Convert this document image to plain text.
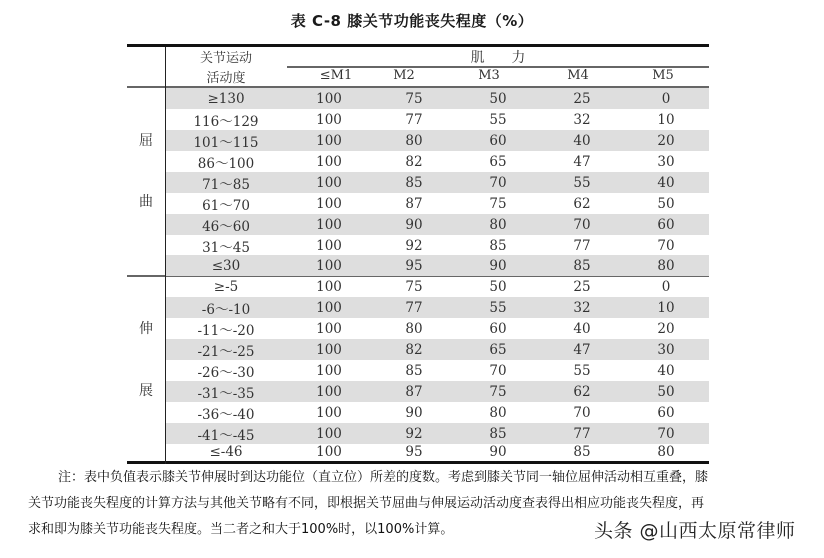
表 C-8 膝关节功能丧失程度（%）
关节运动
活动度
肌      力
≤M1	M2	M3	M4	M5
屈
曲
伸
展
≥130	100	75	50	25	0
116～129	100	77	55	32	10
101～115	100	80	60	40	20
86～100	100	82	65	47	30
71～85	100	85	70	55	40
61～70	100	87	75	62	50
46～60	100	90	80	70	60
31～45	100	92	85	77	70
≤30	100	95	90	85	80
≥-5	100	75	50	25	0
-6～-10	100	77	55	32	10
-11～-20	100	80	60	40	20
-21～-25	100	82	65	47	30
-26～-30	100	85	70	55	40
-31～-35	100	87	75	62	50
-36～-40	100	90	80	70	60
-41～-45	100	92	85	77	70
≤-46	100	95	90	85	80
注：表中负值表示膝关节伸展时到达功能位（直立位）所差的度数。考虑到膝关节同一轴位屈伸活动相互重叠，膝
关节功能丧失程度的计算方法与其他关节略有不同，即根据关节屈曲与伸展运动活动度查表得出相应功能丧失程度，再
求和即为膝关节功能丧失程度。当二者之和大于100%时，以100%计算。	头条 @山西太原常律师
